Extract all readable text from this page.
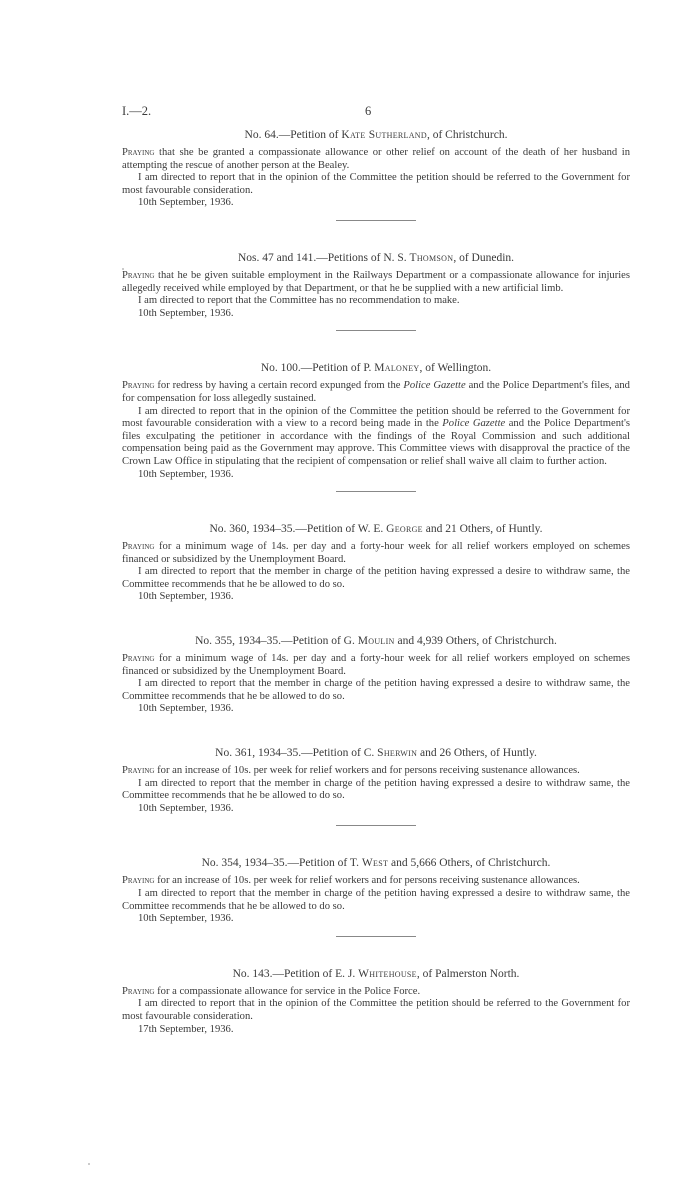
I.—2.	6
No. 64.—Petition of Kate Sutherland, of Christchurch.

Praying that she be granted a compassionate allowance or other relief on account of the death of her husband in attempting the rescue of another person at the Bealey.

I am directed to report that in the opinion of the Committee the petition should be referred to the Government for most favourable consideration.

10th September, 1936.
Nos. 47 and 141.—Petitions of N. S. Thomson, of Dunedin.

Praying that he be given suitable employment in the Railways Department or a compassionate allowance for injuries allegedly received while employed by that Department, or that he be supplied with a new artificial limb.

I am directed to report that the Committee has no recommendation to make.

10th September, 1936.
No. 100.—Petition of P. Maloney, of Wellington.

Praying for redress by having a certain record expunged from the Police Gazette and the Police Department's files, and for compensation for loss allegedly sustained.

I am directed to report that in the opinion of the Committee the petition should be referred to the Government for most favourable consideration with a view to a record being made in the Police Gazette and the Police Department's files exculpating the petitioner in accordance with the findings of the Royal Commission and such additional compensation being paid as the Government may approve. This Committee views with disapproval the practice of the Crown Law Office in stipulating that the recipient of compensation or relief shall waive all claim to further action.

10th September, 1936.
No. 360, 1934–35.—Petition of W. E. George and 21 Others, of Huntly.

Praying for a minimum wage of 14s. per day and a forty-hour week for all relief workers employed on schemes financed or subsidized by the Unemployment Board.

I am directed to report that the member in charge of the petition having expressed a desire to withdraw same, the Committee recommends that he be allowed to do so.

10th September, 1936.
No. 355, 1934–35.—Petition of G. Moulin and 4,939 Others, of Christchurch.

Praying for a minimum wage of 14s. per day and a forty-hour week for all relief workers employed on schemes financed or subsidized by the Unemployment Board.

I am directed to report that the member in charge of the petition having expressed a desire to withdraw same, the Committee recommends that he be allowed to do so.

10th September, 1936.
No. 361, 1934–35.—Petition of C. Sherwin and 26 Others, of Huntly.

Praying for an increase of 10s. per week for relief workers and for persons receiving sustenance allowances.

I am directed to report that the member in charge of the petition having expressed a desire to withdraw same, the Committee recommends that he be allowed to do so.

10th September, 1936.
No. 354, 1934–35.—Petition of T. West and 5,666 Others, of Christchurch.

Praying for an increase of 10s. per week for relief workers and for persons receiving sustenance allowances.

I am directed to report that the member in charge of the petition having expressed a desire to withdraw same, the Committee recommends that he be allowed to do so.

10th September, 1936.
No. 143.—Petition of E. J. Whitehouse, of Palmerston North.

Praying for a compassionate allowance for service in the Police Force.

I am directed to report that in the opinion of the Committee the petition should be referred to the Government for most favourable consideration.

17th September, 1936.
